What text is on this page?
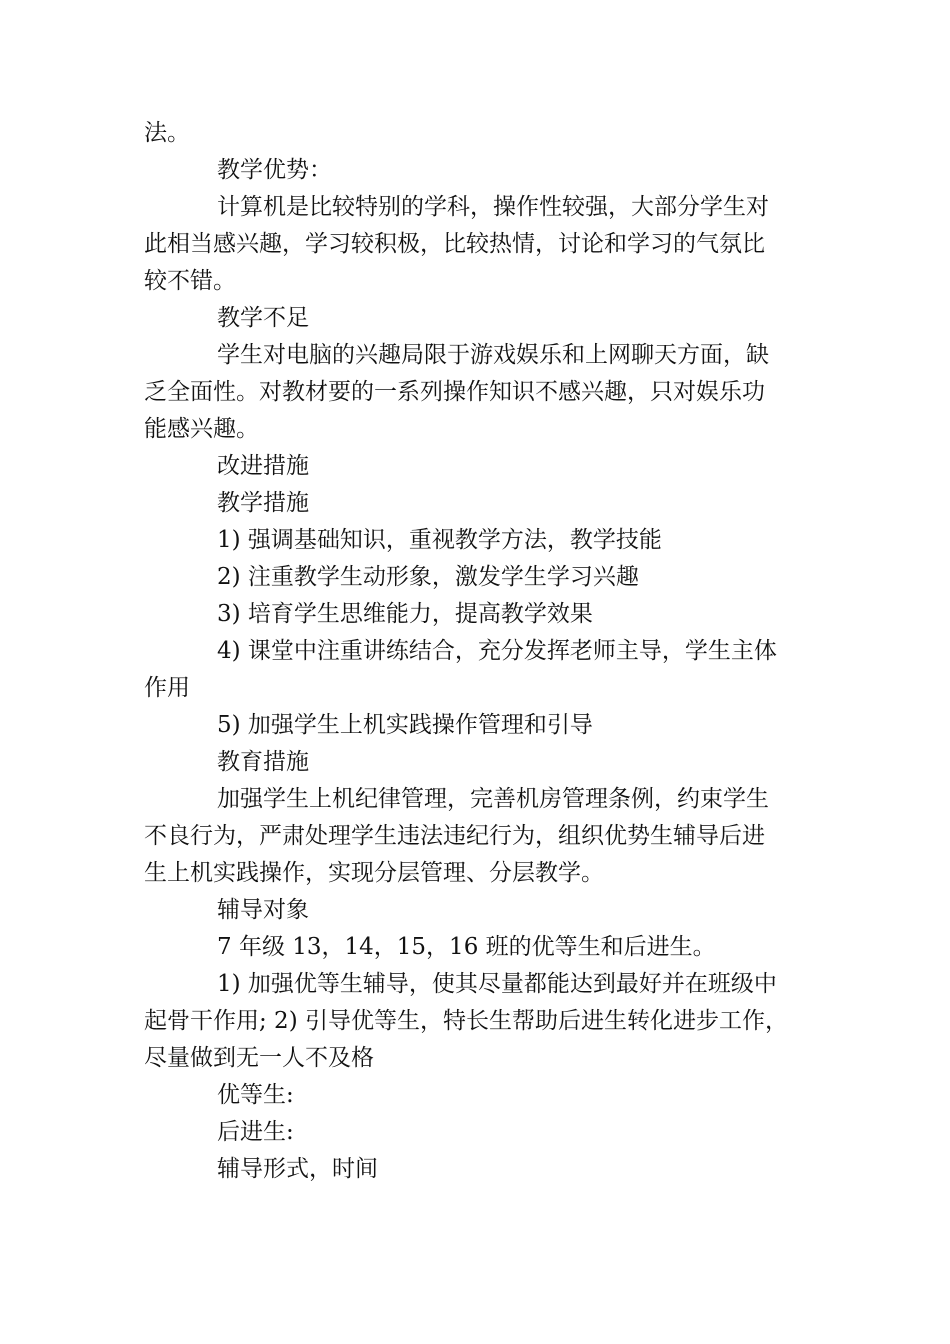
法。
教学优势：
计算机是比较特别的学科，操作性较强，大部分学生对
此相当感兴趣，学习较积极，比较热情，讨论和学习的气氛比
较不错。
教学不足
学生对电脑的兴趣局限于游戏娱乐和上网聊天方面，缺
乏全面性。对教材要的一系列操作知识不感兴趣，只对娱乐功
能感兴趣。
改进措施
教学措施
1) 强调基础知识，重视教学方法，教学技能
2) 注重教学生动形象，激发学生学习兴趣
3) 培育学生思维能力，提高教学效果
4) 课堂中注重讲练结合，充分发挥老师主导，学生主体
作用
5) 加强学生上机实践操作管理和引导
教育措施
加强学生上机纪律管理，完善机房管理条例，约束学生
不良行为，严肃处理学生违法违纪行为，组织优势生辅导后进
生上机实践操作，实现分层管理、分层教学。
辅导对象
7 年级 13，14，15，16 班的优等生和后进生。
1) 加强优等生辅导，使其尽量都能达到最好并在班级中
起骨干作用; 2) 引导优等生，特长生帮助后进生转化进步工作，
尽量做到无一人不及格
优等生:
后进生:
辅导形式，时间
